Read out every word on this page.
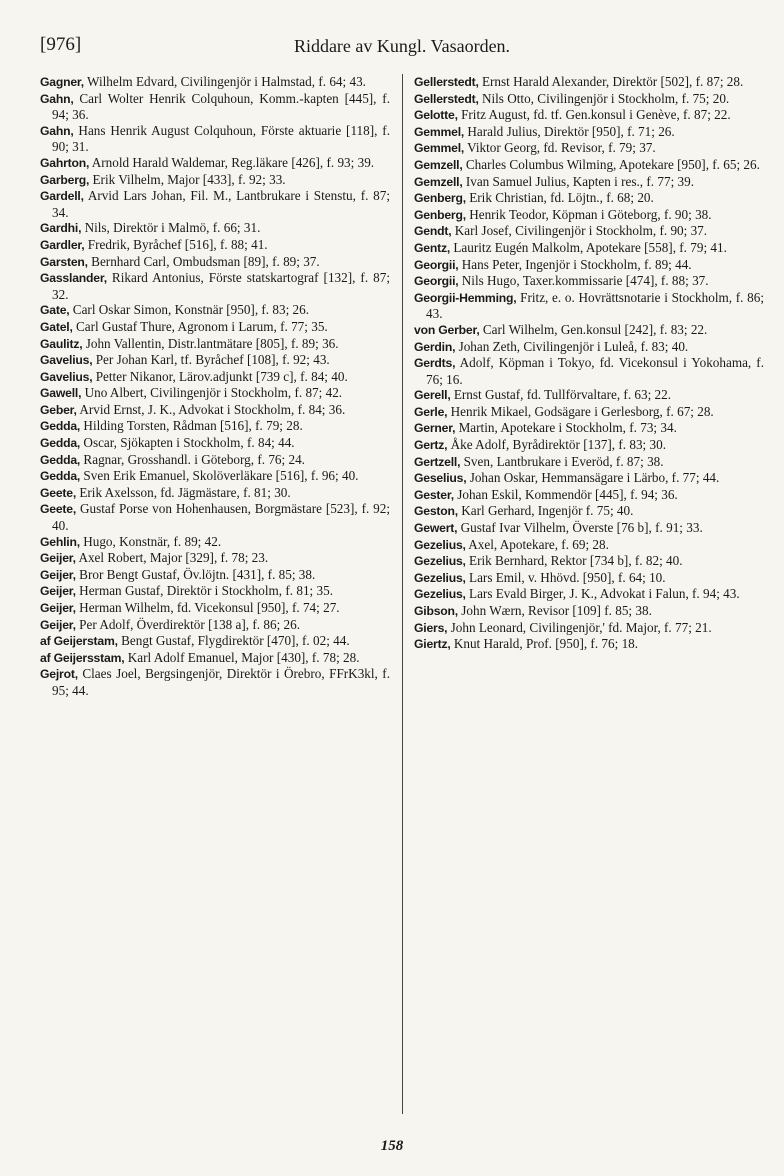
[976]	Riddare av Kungl. Vasaorden.

Gagner, Wilhelm Edvard, Civilingenjör i Halmstad, f. 64; 43.

Gahn, Carl Wolter Henrik Colquhoun, Komm.-kapten [445], f. 94; 36.

Gahn, Hans Henrik August Colquhoun, Förste aktuarie [118], f. 90; 31.

Gahrton, Arnold Harald Waldemar, Reg.läkare [426], f. 93; 39.

Garberg, Erik Vilhelm, Major [433], f. 92; 33.

Gardell, Arvid Lars Johan, Fil. M., Lantbrukare i Stenstu, f. 87; 34.

Gardhi, Nils, Direktör i Malmö, f. 66; 31.

Gardler, Fredrik, Byråchef [516], f. 88; 41.

Garsten, Bernhard Carl, Ombudsman [89], f. 89; 37.

Gasslander, Rikard Antonius, Förste statskartograf [132], f. 87; 32.

Gate, Carl Oskar Simon, Konstnär [950], f. 83; 26.

Gatel, Carl Gustaf Thure, Agronom i Larum, f. 77; 35.

Gaulitz, John Vallentin, Distr.lantmätare [805], f. 89; 36.

Gavelius, Per Johan Karl, tf. Byråchef [108], f. 92; 43.

Gavelius, Petter Nikanor, Lärov.adjunkt [739 c], f. 84; 40.

Gawell, Uno Albert, Civilingenjör i Stockholm, f. 87; 42.

Geber, Arvid Ernst, J. K., Advokat i Stockholm, f. 84; 36.

Gedda, Hilding Torsten, Rådman [516], f. 79; 28.

Gedda, Oscar, Sjökapten i Stockholm, f. 84; 44.

Gedda, Ragnar, Grosshandl. i Göteborg, f. 76; 24.

Gedda, Sven Erik Emanuel, Skolöverläkare [516], f. 96; 40.

Geete, Erik Axelsson, fd. Jägmästare, f. 81; 30.

Geete, Gustaf Porse von Hohenhausen, Borgmästare [523], f. 92; 40.

Gehlin, Hugo, Konstnär, f. 89; 42.

Geijer, Axel Robert, Major [329], f. 78; 23.

Geijer, Bror Bengt Gustaf, Öv.löjtn. [431], f. 85; 38.

Geijer, Herman Gustaf, Direktör i Stockholm, f. 81; 35.

Geijer, Herman Wilhelm, fd. Vicekonsul [950], f. 74; 27.

Geijer, Per Adolf, Överdirektör [138 a], f. 86; 26.

af Geijerstam, Bengt Gustaf, Flygdirektör [470], f. 02; 44.

af Geijersstam, Karl Adolf Emanuel, Major [430], f. 78; 28.

Gejrot, Claes Joel, Bergsingenjör, Direktör i Örebro, FFrK3kl, f. 95; 44.

Gellerstedt, Ernst Harald Alexander, Direktör [502], f. 87; 28.

Gellerstedt, Nils Otto, Civilingenjör i Stockholm, f. 75; 20.

Gelotte, Fritz August, fd. tf. Gen.konsul i Genève, f. 87; 22.

Gemmel, Harald Julius, Direktör [950], f. 71; 26.

Gemmel, Viktor Georg, fd. Revisor, f. 79; 37.

Gemzell, Charles Columbus Wilming, Apotekare [950], f. 65; 26.

Gemzell, Ivan Samuel Julius, Kapten i res., f. 77; 39.

Genberg, Erik Christian, fd. Löjtn., f. 68; 20.

Genberg, Henrik Teodor, Köpman i Göteborg, f. 90; 38.

Gendt, Karl Josef, Civilingenjör i Stockholm, f. 90; 37.

Gentz, Lauritz Eugén Malkolm, Apotekare [558], f. 79; 41.

Georgii, Hans Peter, Ingenjör i Stockholm, f. 89; 44.

Georgii, Nils Hugo, Taxer.kommissarie [474], f. 88; 37.

Georgii-Hemming, Fritz, e. o. Hovrättsnotarie i Stockholm, f. 86; 43.

von Gerber, Carl Wilhelm, Gen.konsul [242], f. 83; 22.

Gerdin, Johan Zeth, Civilingenjör i Luleå, f. 83; 40.

Gerdts, Adolf, Köpman i Tokyo, fd. Vicekonsul i Yokohama, f. 76; 16.

Gerell, Ernst Gustaf, fd. Tullförvaltare, f. 63; 22.

Gerle, Henrik Mikael, Godsägare i Gerlesborg, f. 67; 28.

Gerner, Martin, Apotekare i Stockholm, f. 73; 34.

Gertz, Åke Adolf, Byrådirektör [137], f. 83; 30.

Gertzell, Sven, Lantbrukare i Everöd, f. 87; 38.

Geselius, Johan Oskar, Hemmansägare i Lärbo, f. 77; 44.

Gester, Johan Eskil, Kommendör [445], f. 94; 36.

Geston, Karl Gerhard, Ingenjör f. 75; 40.

Gewert, Gustaf Ivar Vilhelm, Överste [76 b], f. 91; 33.

Gezelius, Axel, Apotekare, f. 69; 28.

Gezelius, Erik Bernhard, Rektor [734 b], f. 82; 40.

Gezelius, Lars Emil, v. Hhövd. [950], f. 64; 10.

Gezelius, Lars Evald Birger, J. K., Advokat i Falun, f. 94; 43.

Gibson, John Wærn, Revisor [109] f. 85; 38.

Giers, John Leonard, Civilingenjör,' fd. Major, f. 77; 21.

Giertz, Knut Harald, Prof. [950], f. 76; 18.

158
